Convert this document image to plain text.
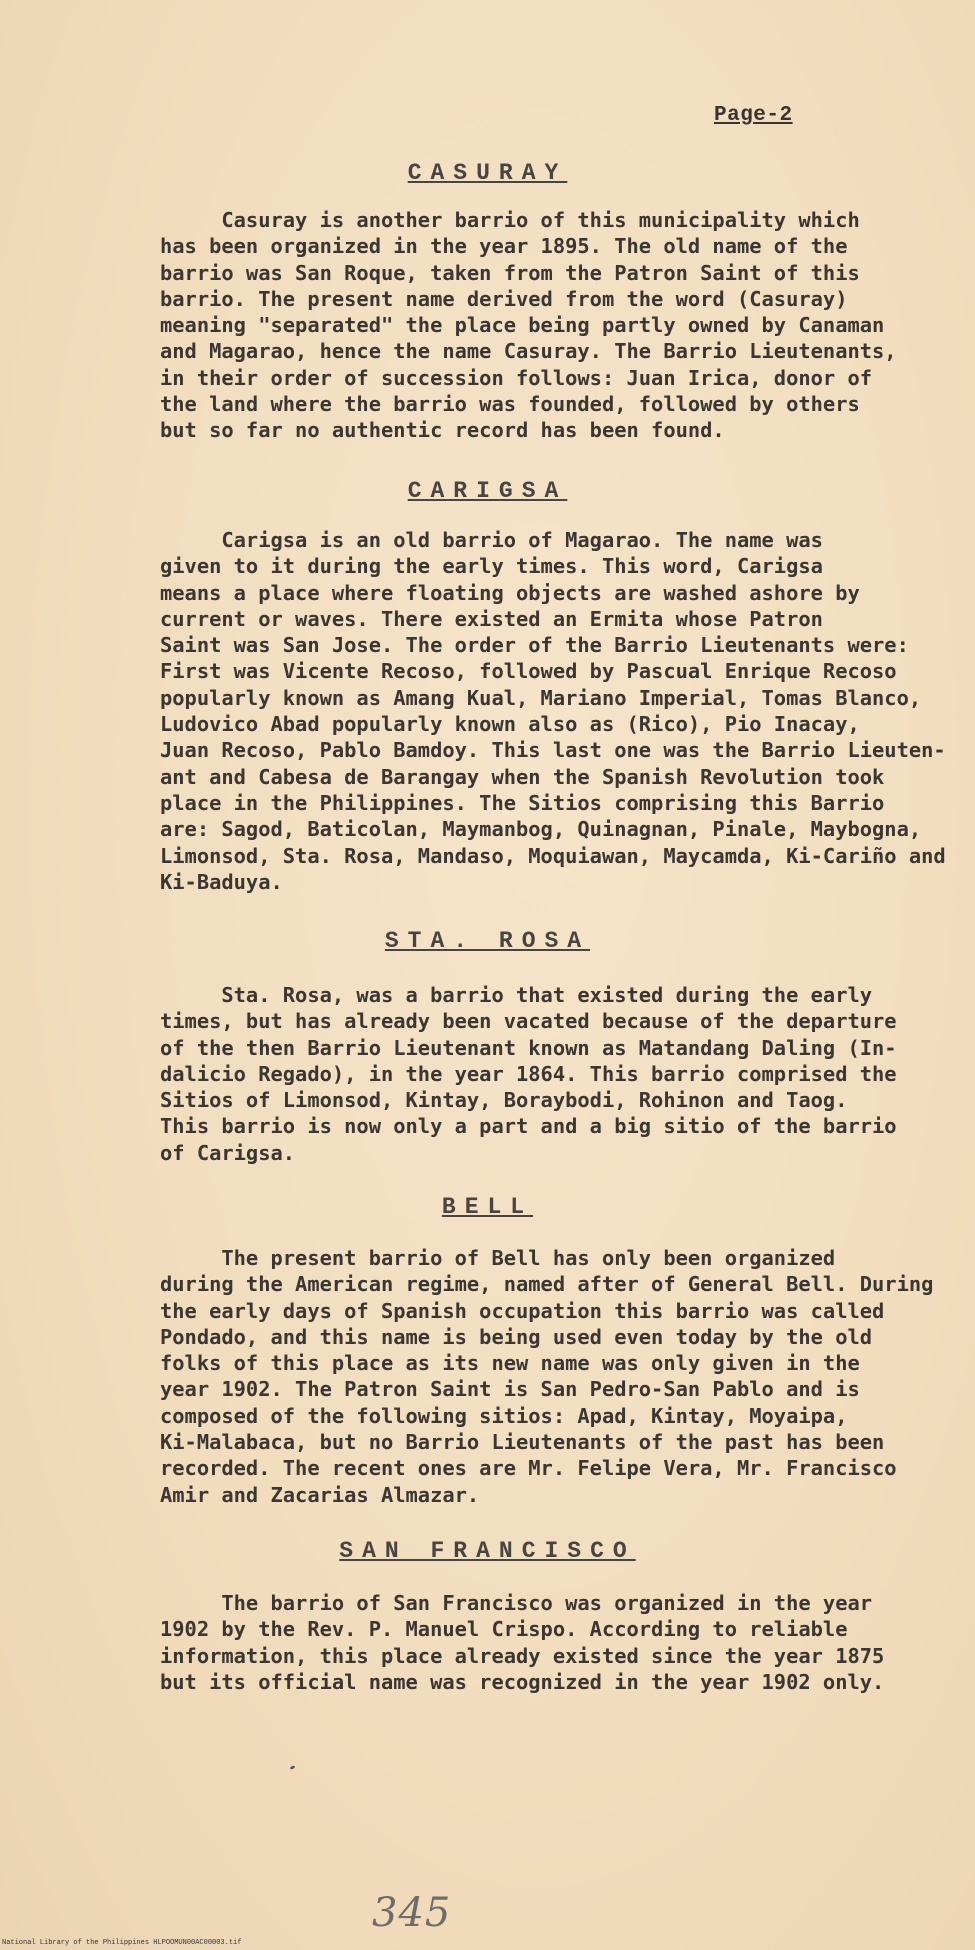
Page-2
CASURAY
Casuray is another barrio of this municipality which
has been organized in the year 1895. The old name of the
barrio was San Roque, taken from the Patron Saint of this
barrio. The present name derived from the word (Casuray)
meaning "separated" the place being partly owned by Canaman
and Magarao, hence the name Casuray. The Barrio Lieutenants,
in their order of succession follows: Juan Irica, donor of
the land where the barrio was founded, followed by others
but so far no authentic record has been found.
CARIGSA
Carigsa is an old barrio of Magarao. The name was
given to it during the early times. This word, Carigsa
means a place where floating objects are washed ashore by
current or waves. There existed an Ermita whose Patron
Saint was San Jose. The order of the Barrio Lieutenants were:
First was Vicente Recoso, followed by Pascual Enrique Recoso
popularly known as Amang Kual, Mariano Imperial, Tomas Blanco,
Ludovico Abad popularly known also as (Rico), Pio Inacay,
Juan Recoso, Pablo Bamdoy. This last one was the Barrio Lieuten-
ant and Cabesa de Barangay when the Spanish Revolution took
place in the Philippines. The Sitios comprising this Barrio
are: Sagod, Baticolan, Maymanbog, Quinagnan, Pinale, Maybogna,
Limonsod, Sta. Rosa, Mandaso, Moquiawan, Maycamda, Ki-Cariño and
Ki-Baduya.
STA. ROSA
Sta. Rosa, was a barrio that existed during the early
times, but has already been vacated because of the departure
of the then Barrio Lieutenant known as Matandang Daling (In-
dalicio Regado), in the year 1864. This barrio comprised the
Sitios of Limonsod, Kintay, Boraybodi, Rohinon and Taog.
This barrio is now only a part and a big sitio of the barrio
of Carigsa.
BELL
The present barrio of Bell has only been organized
during the American regime, named after of General Bell. During
the early days of Spanish occupation this barrio was called
Pondado, and this name is being used even today by the old
folks of this place as its new name was only given in the
year 1902. The Patron Saint is San Pedro-San Pablo and is
composed of the following sitios: Apad, Kintay, Moyaipa,
Ki-Malabaca, but no Barrio Lieutenants of the past has been
recorded. The recent ones are Mr. Felipe Vera, Mr. Francisco
Amir and Zacarias Almazar.
SAN FRANCISCO
The barrio of San Francisco was organized in the year
1902 by the Rev. P. Manuel Crispo. According to reliable
information, this place already existed since the year 1875
but its official name was recognized in the year 1902 only.
345
National Library of the Philippines HLPOOMUN00AC00003.tif
